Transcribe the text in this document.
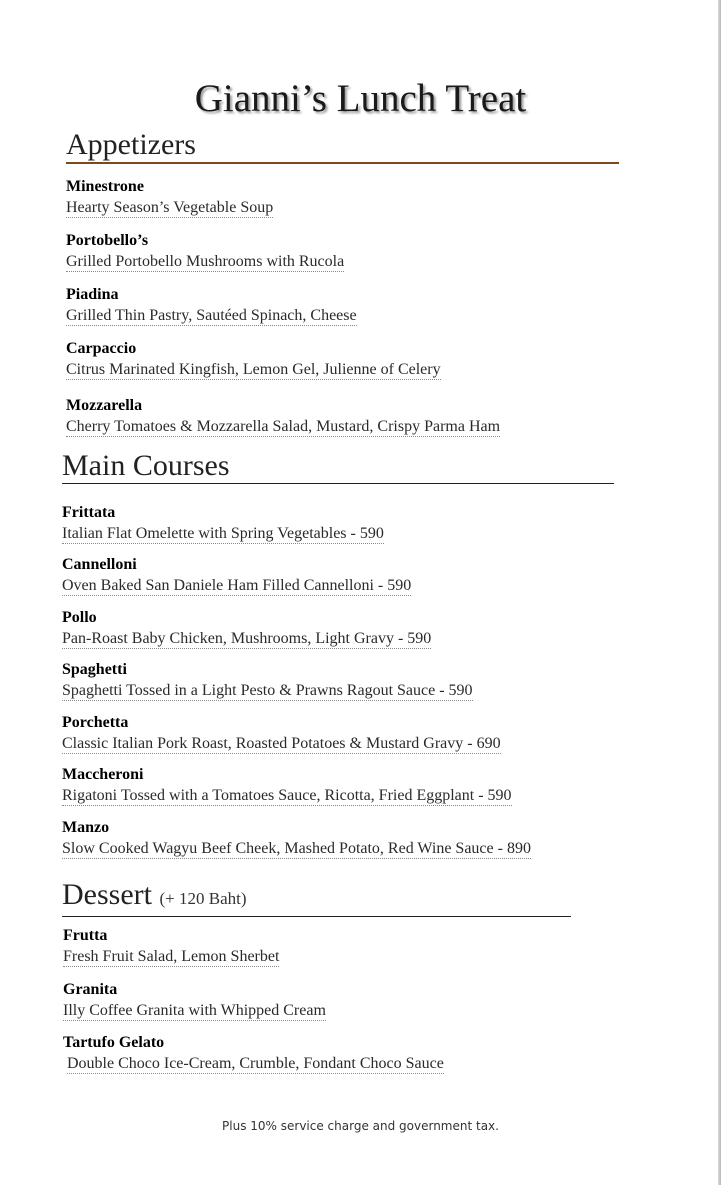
Gianni’s Lunch Treat
Appetizers
Minestrone
Hearty Season’s Vegetable Soup
Portobello’s
Grilled Portobello Mushrooms with Rucola
Piadina
Grilled Thin Pastry, Sautéed Spinach, Cheese
Carpaccio
Citrus Marinated Kingfish, Lemon Gel, Julienne of Celery
Mozzarella
Cherry Tomatoes & Mozzarella Salad, Mustard, Crispy Parma Ham
Main Courses
Frittata
Italian Flat Omelette with Spring Vegetables - 590
Cannelloni
Oven Baked San Daniele Ham Filled Cannelloni - 590
Pollo
Pan-Roast Baby Chicken, Mushrooms, Light Gravy - 590
Spaghetti
Spaghetti Tossed in a Light Pesto & Prawns Ragout Sauce - 590
Porchetta
Classic Italian Pork Roast, Roasted Potatoes & Mustard Gravy - 690
Maccheroni
Rigatoni Tossed with a Tomatoes Sauce, Ricotta, Fried Eggplant - 590
Manzo
Slow Cooked Wagyu Beef Cheek, Mashed Potato, Red Wine Sauce - 890
Dessert (+ 120 Baht)
Frutta
Fresh Fruit Salad, Lemon Sherbet
Granita
Illy Coffee Granita with Whipped Cream
Tartufo Gelato
Double Choco Ice-Cream, Crumble, Fondant Choco Sauce
Plus 10% service charge and government tax.
